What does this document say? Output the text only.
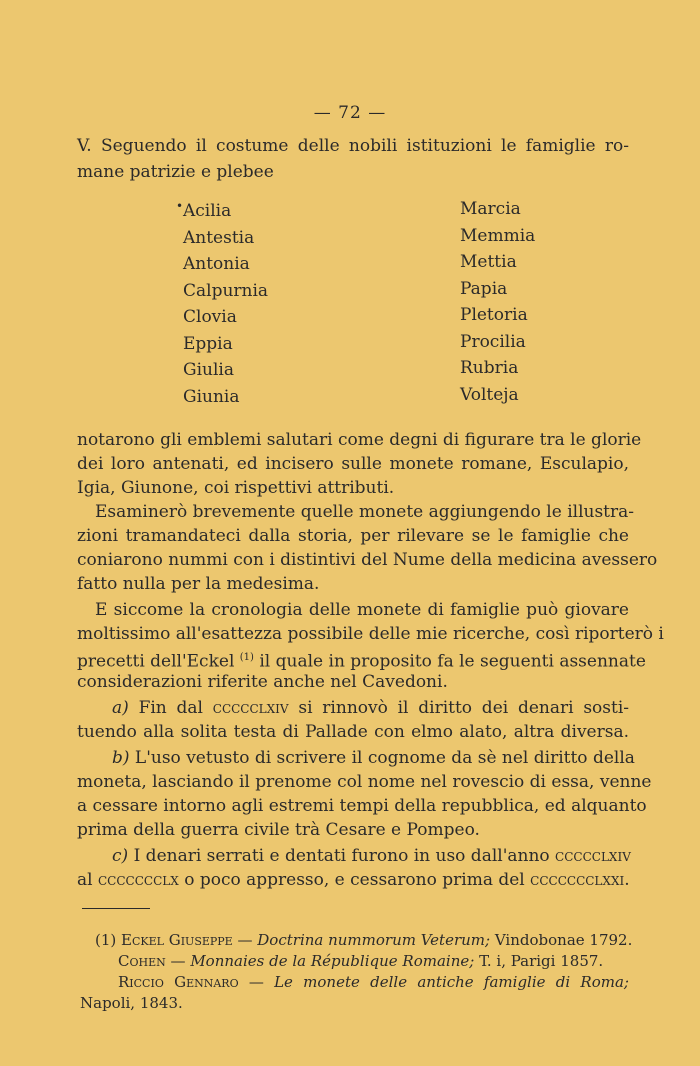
— 72 —
V. Seguendo il costume delle nobili istituzioni le famiglie ro-
mane patrizie e plebee
• Acilia
Antestia
Antonia
Calpurnia
Clovia
Eppia
Giulia
Giunia
Marcia
Memmia
Mettia
Papia
Pletoria
Procilia
Rubria
Volteja
notarono gli emblemi salutari come degni di figurare tra le glorie
dei loro antenati, ed incisero sulle monete romane, Esculapio,
Igia, Giunone, coi rispettivi attributi.
Esaminerò brevemente quelle monete aggiungendo le illustra-
zioni tramandateci dalla storia, per rilevare se le famiglie che
coniarono nummi con i distintivi del Nume della medicina avessero
fatto nulla per la medesima.
E siccome la cronologia delle monete di famiglie può giovare
moltissimo all'esattezza possibile delle mie ricerche, così riporterò i
precetti dell'Eckel $^{(1)}$ il quale in proposito fa le seguenti assennate
considerazioni riferite anche nel Cavedoni.
a) Fin dal ccccclxiv si rinnovò il diritto dei denari sosti-
tuendo alla solita testa di Pallade con elmo alato, altra diversa.
b) L'uso vetusto di scrivere il cognome da sè nel diritto della
moneta, lasciando il prenome col nome nel rovescio di essa, venne
a cessare intorno agli estremi tempi della repubblica, ed alquanto
prima della guerra civile trà Cesare e Pompeo.
c) I denari serrati e dentati furono in uso dall'anno ccccclxiv
al ccccccclx o poco appresso, e cessarono prima del ccccccclxxi.
(1) Eckel Giuseppe — Doctrina nummorum Veterum; Vindobonae 1792.
Cohen — Monnaies de la République Romaine; T. i, Parigi 1857.
Riccio Gennaro — Le monete delle antiche famiglie di Roma;
Napoli, 1843.
